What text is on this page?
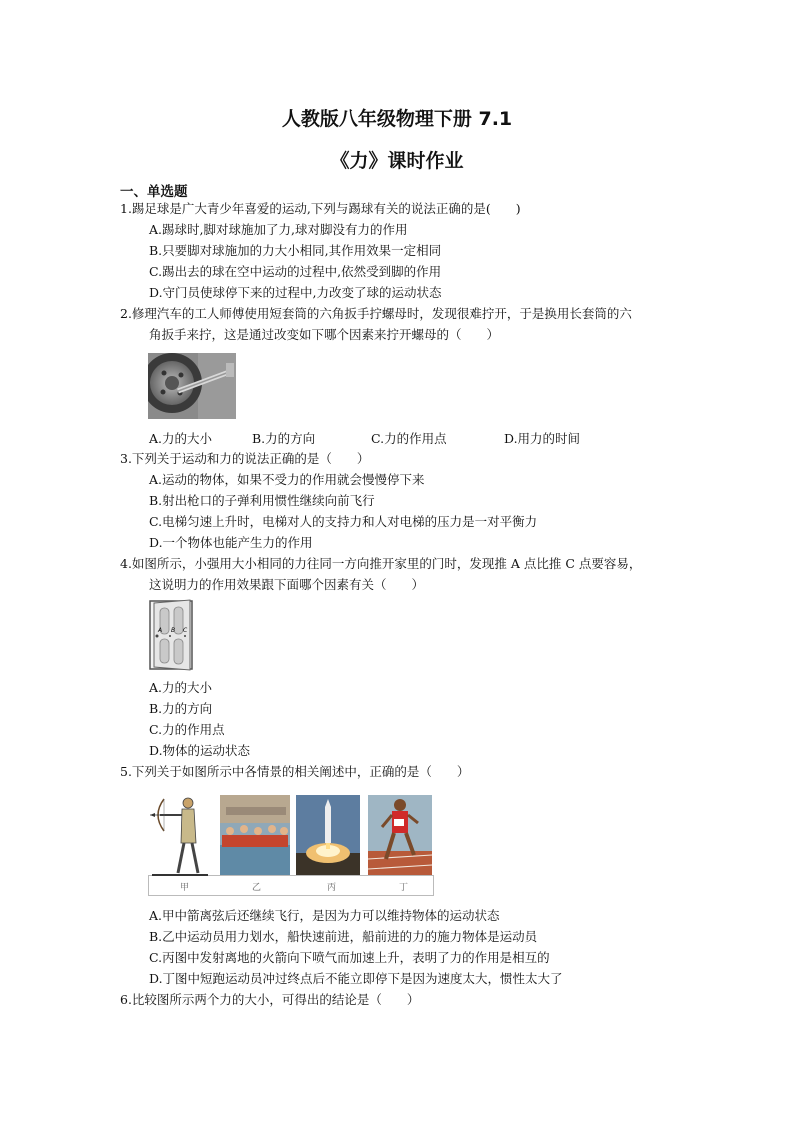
人教版八年级物理下册 7.1
《力》课时作业
一、单选题
1.踢足球是广大青少年喜爱的运动,下列与踢球有关的说法正确的是(　　)
A.踢球时,脚对球施加了力,球对脚没有力的作用
B.只要脚对球施加的力大小相同,其作用效果一定相同
C.踢出去的球在空中运动的过程中,依然受到脚的作用
D.守门员使球停下来的过程中,力改变了球的运动状态
2.修理汽车的工人师傅使用短套筒的六角扳手拧螺母时，发现很难拧开，于是换用长套筒的六
角扳手来拧，这是通过改变如下哪个因素来拧开螺母的（　　）
A.力的大小	B.力的方向	C.力的作用点	D.用力的时间
3.下列关于运动和力的说法正确的是（　　）
A.运动的物体，如果不受力的作用就会慢慢停下来
B.射出枪口的子弹利用惯性继续向前飞行
C.电梯匀速上升时，电梯对人的支持力和人对电梯的压力是一对平衡力
D.一个物体也能产生力的作用
4.如图所示，小强用大小相同的力往同一方向推开家里的门时，发现推 A 点比推 C 点要容易，
这说明力的作用效果跟下面哪个因素有关（　　）
A B C
A.力的大小
B.力的方向
C.力的作用点
D.物体的运动状态
5.下列关于如图所示中各情景的相关阐述中，正确的是（　　）
甲	乙	丙	丁
A.甲中箭离弦后还继续飞行，是因为力可以维持物体的运动状态
B.乙中运动员用力划水，船快速前进，船前进的力的施力物体是运动员
C.丙图中发射离地的火箭向下喷气而加速上升，表明了力的作用是相互的
D.丁图中短跑运动员冲过终点后不能立即停下是因为速度太大，惯性太大了
6.比较图所示两个力的大小，可得出的结论是（　　）
